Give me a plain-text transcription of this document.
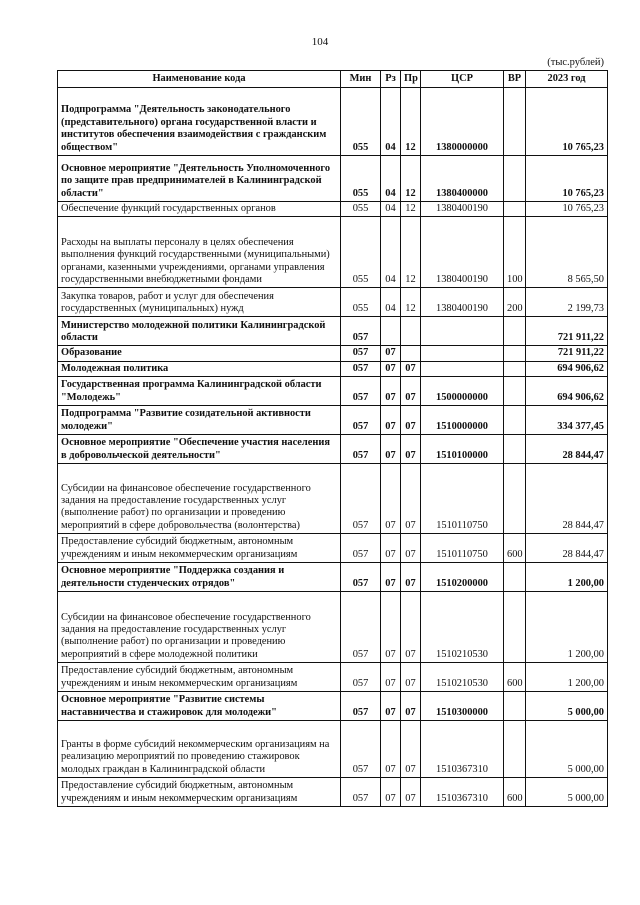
104
(тыс.рублей)
Наименование кода	Мин	Рз	Пр	ЦСР	ВР	2023 год
Подпрограмма "Деятельность законодательного (представительного) органа государственной власти и институтов обеспечения взаимодействия с гражданским обществом"	055	04	12	1380000000		10 765,23
Основное мероприятие "Деятельность Уполномоченного по защите прав предпринимателей в Калининградской области"	055	04	12	1380400000		10 765,23
Обеспечение функций государственных органов	055	04	12	1380400190		10 765,23
Расходы на выплаты персоналу в целях обеспечения выполнения функций государственными (муниципальными) органами, казенными учреждениями, органами управления государственными внебюджетными фондами	055	04	12	1380400190	100	8 565,50
Закупка товаров, работ и услуг для обеспечения государственных (муниципальных) нужд	055	04	12	1380400190	200	2 199,73
Министерство молодежной политики Калининградской области	057					721 911,22
Образование	057	07				721 911,22
Молодежная политика	057	07	07			694 906,62
Государственная программа Калининградской области "Молодежь"	057	07	07	1500000000		694 906,62
Подпрограмма "Развитие созидательной активности молодежи"	057	07	07	1510000000		334 377,45
Основное мероприятие "Обеспечение участия населения в добровольческой деятельности"	057	07	07	1510100000		28 844,47
Субсидии на финансовое обеспечение государственного задания на предоставление государственных услуг (выполнение работ) по организации и проведению мероприятий в сфере добровольчества (волонтерства)	057	07	07	1510110750		28 844,47
Предоставление субсидий бюджетным, автономным учреждениям и иным некоммерческим организациям	057	07	07	1510110750	600	28 844,47
Основное мероприятие "Поддержка создания и деятельности студенческих отрядов"	057	07	07	1510200000		1 200,00
Субсидии на финансовое обеспечение государственного задания на предоставление государственных услуг (выполнение работ) по организации и проведению мероприятий в сфере молодежной политики	057	07	07	1510210530		1 200,00
Предоставление субсидий бюджетным, автономным учреждениям и иным некоммерческим организациям	057	07	07	1510210530	600	1 200,00
Основное мероприятие "Развитие системы наставничества и стажировок для молодежи"	057	07	07	1510300000		5 000,00
Гранты в форме субсидий некоммерческим организациям на реализацию мероприятий по проведению стажировок молодых граждан в Калининградской области	057	07	07	1510367310		5 000,00
Предоставление субсидий бюджетным, автономным учреждениям и иным некоммерческим организациям	057	07	07	1510367310	600	5 000,00
